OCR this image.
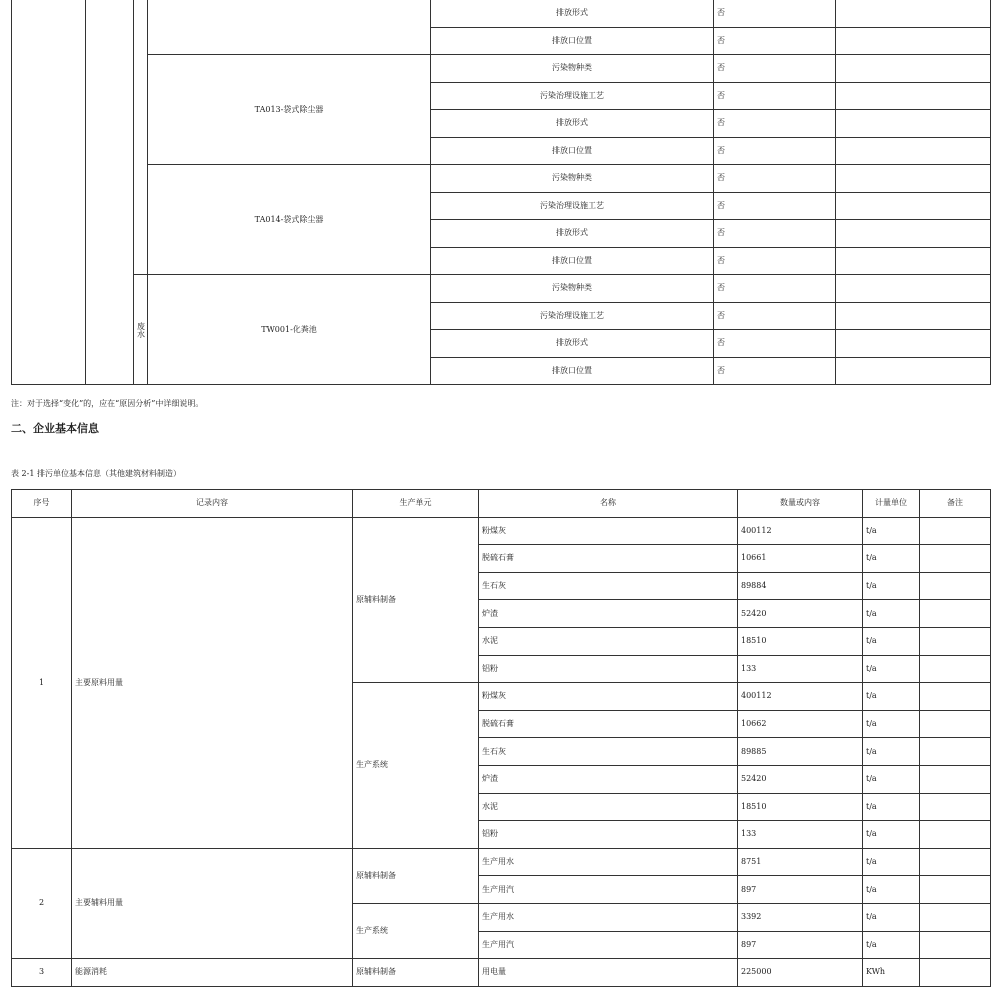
				排放形式	否	
				排放口位置	否	
			TA013-袋式除尘器	污染物种类	否	
				污染治理设施工艺	否	
				排放形式	否	
				排放口位置	否	
			TA014-袋式除尘器	污染物种类	否	
				污染治理设施工艺	否	
				排放形式	否	
				排放口位置	否	
		废水	TW001-化粪池	污染物种类	否	
				污染治理设施工艺	否	
				排放形式	否	
				排放口位置	否	
注：对于选择“变化”的，应在“原因分析”中详细说明。
二、企业基本信息
表 2-1 排污单位基本信息（其他建筑材料制造）
序号	记录内容	生产单元	名称	数量或内容	计量单位	备注
1	主要原料用量	原辅料制备	粉煤灰	400112	t/a	
			脱硫石膏	10661	t/a	
			生石灰	89884	t/a	
			炉渣	52420	t/a	
			水泥	18510	t/a	
			铝粉	133	t/a	
		生产系统	粉煤灰	400112	t/a	
			脱硫石膏	10662	t/a	
			生石灰	89885	t/a	
			炉渣	52420	t/a	
			水泥	18510	t/a	
			铝粉	133	t/a	
2	主要辅料用量	原辅料制备	生产用水	8751	t/a	
			生产用汽	897	t/a	
		生产系统	生产用水	3392	t/a	
			生产用汽	897	t/a	
3	能源消耗	原辅料制备	用电量	225000	KWh	
